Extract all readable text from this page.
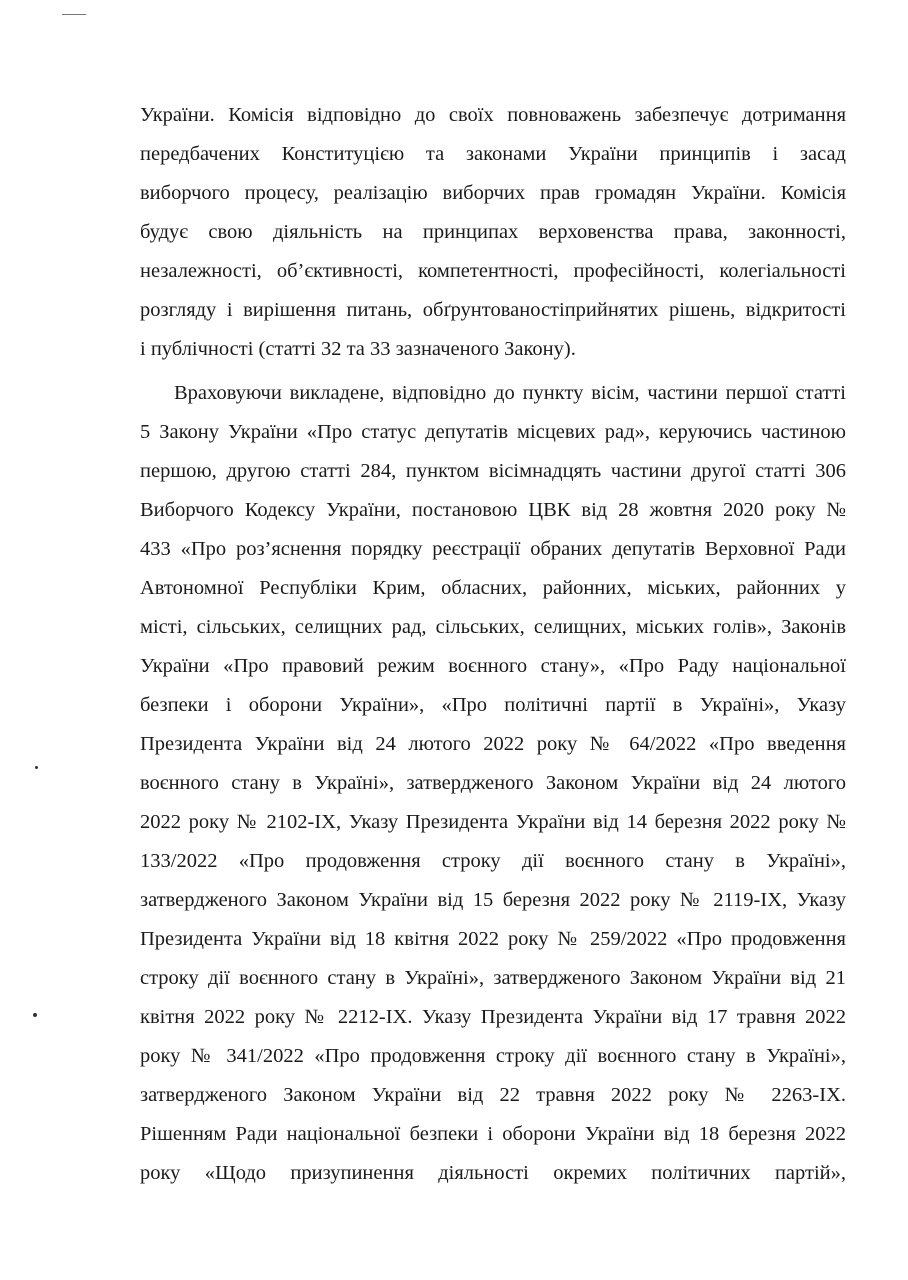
України. Комісія відповідно до своїх повноважень забезпечує дотримання
передбачених Конституцією та законами України принципів і засад
виборчого процесу, реалізацію виборчих прав громадян України. Комісія
будує свою діяльність на принципах верховенства права, законності,
незалежності, об’єктивності, компетентності, професійності, колегіальності
розгляду і вирішення питань, обґрунтованостіприйнятих рішень, відкритості
і публічності (статті 32 та 33 зазначеного Закону).
Враховуючи викладене, відповідно до пункту вісім, частини першої статті
5 Закону України «Про статус депутатів місцевих рад», керуючись частиною
першою, другою статті 284, пунктом вісімнадцять частини другої статті 306
Виборчого Кодексу України, постановою ЦВК від 28 жовтня 2020 року №
433 «Про роз’яснення порядку реєстрації обраних депутатів Верховної Ради
Автономної Республіки Крим, обласних, районних, міських, районних у
місті, сільських, селищних рад, сільських, селищних, міських голів», Законів
України «Про правовий режим воєнного стану», «Про Раду національної
безпеки і оборони України», «Про політичні партії в Україні», Указу
Президента України від 24 лютого 2022 року № 64/2022 «Про введення
воєнного стану в Україні», затвердженого Законом України від 24 лютого
2022 року № 2102-IX, Указу Президента України від 14 березня 2022 року №
133/2022 «Про продовження строку дії воєнного стану в Україні»,
затвердженого Законом України від 15 березня 2022 року № 2119-IX, Указу
Президента України від 18 квітня 2022 року № 259/2022 «Про продовження
строку дії воєнного стану в Україні», затвердженого Законом України від 21
квітня 2022 року № 2212-IX. Указу Президента України від 17 травня 2022
року № 341/2022 «Про продовження строку дії воєнного стану в Україні»,
затвердженого Законом України від 22 травня 2022 року № 2263-IX.
Рішенням Ради національної безпеки і оборони України від 18 березня 2022
року «Щодо призупинення діяльності окремих політичних партій»,
